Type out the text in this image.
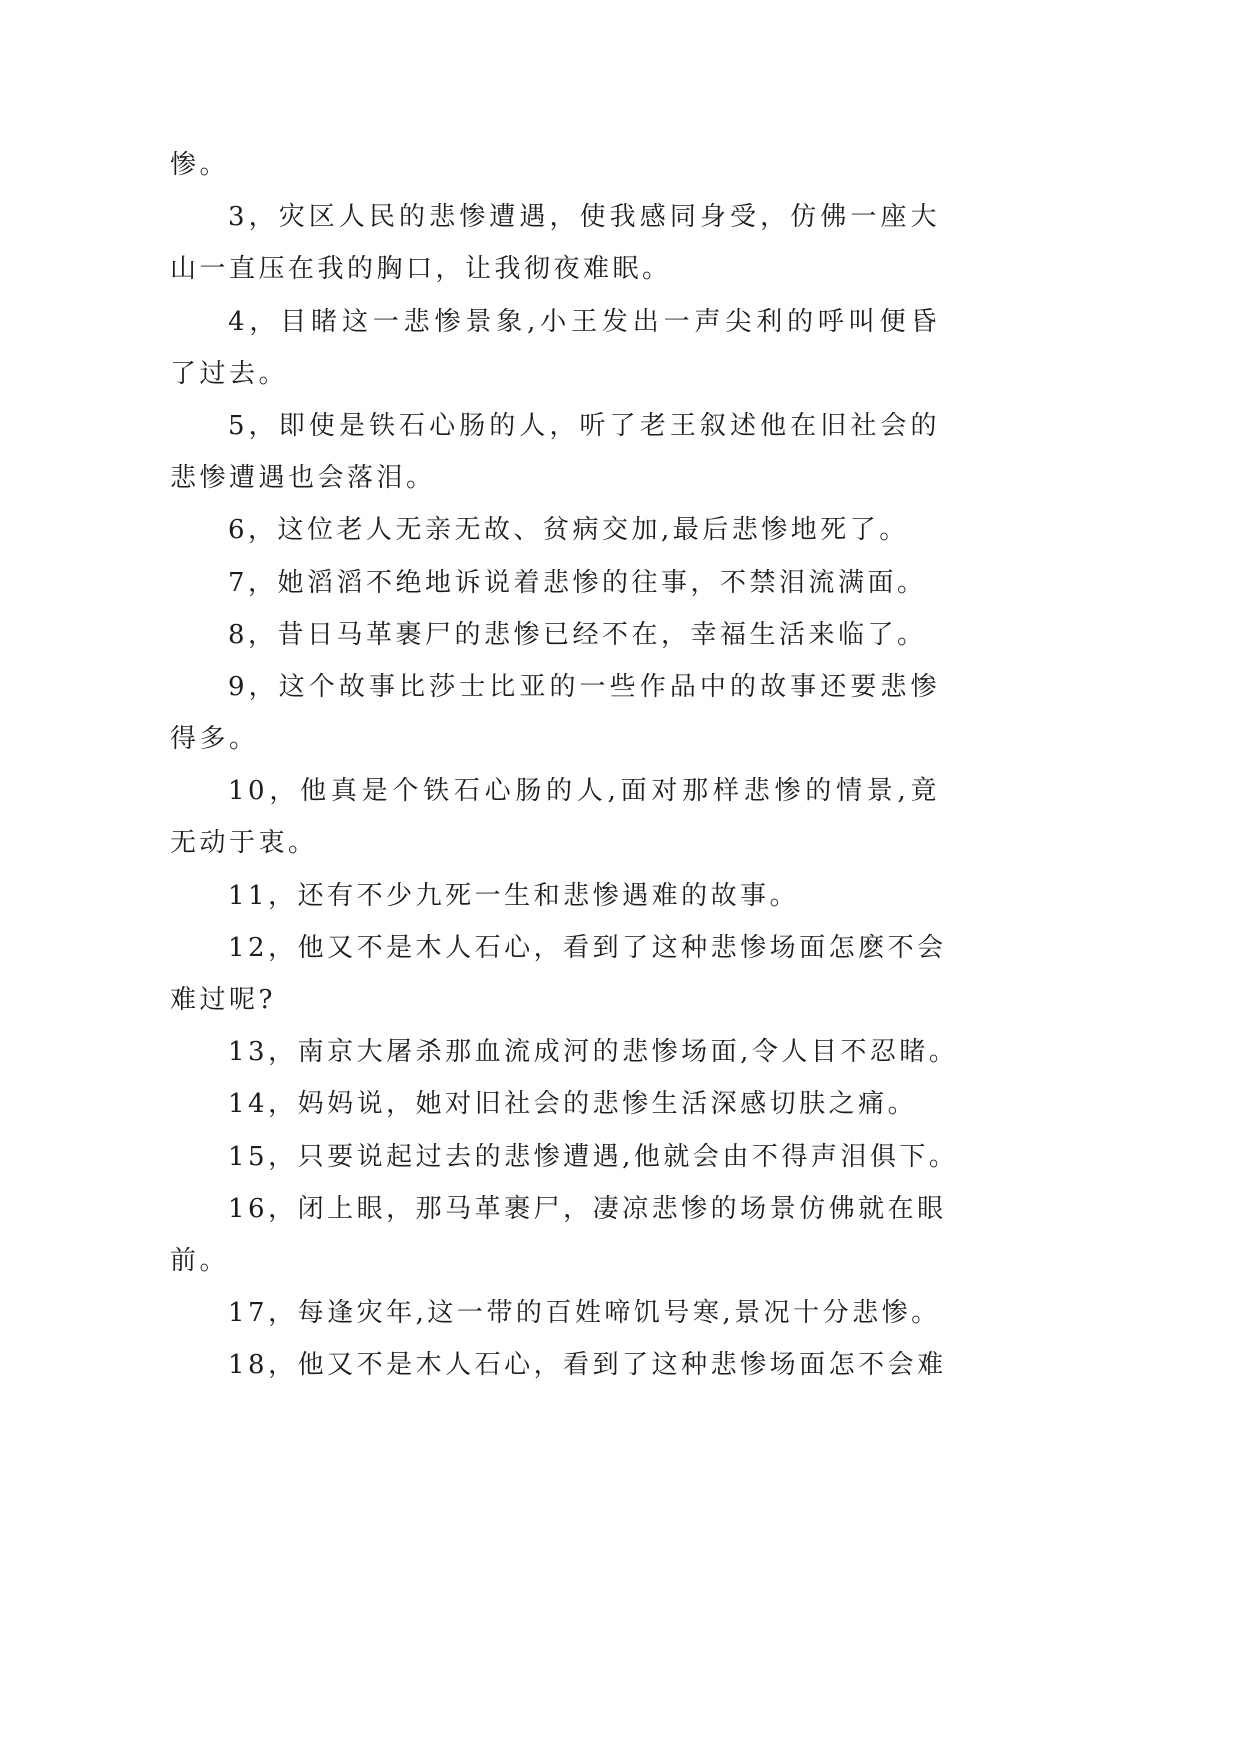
惨。
3，灾区人民的悲惨遭遇，使我感同身受，仿佛一座大
山一直压在我的胸口，让我彻夜难眠。
4，目睹这一悲惨景象,小王发出一声尖利的呼叫便昏
了过去。
5，即使是铁石心肠的人，听了老王叙述他在旧社会的
悲惨遭遇也会落泪。
6，这位老人无亲无故、贫病交加,最后悲惨地死了。
7，她滔滔不绝地诉说着悲惨的往事，不禁泪流满面。
8，昔日马革裹尸的悲惨已经不在，幸福生活来临了。
9，这个故事比莎士比亚的一些作品中的故事还要悲惨
得多。
10，他真是个铁石心肠的人,面对那样悲惨的情景,竟
无动于衷。
11，还有不少九死一生和悲惨遇难的故事。
12，他又不是木人石心，看到了这种悲惨场面怎麽不会
难过呢?
13，南京大屠杀那血流成河的悲惨场面,令人目不忍睹。
14，妈妈说，她对旧社会的悲惨生活深感切肤之痛。
15，只要说起过去的悲惨遭遇,他就会由不得声泪俱下。
16，闭上眼，那马革裹尸，凄凉悲惨的场景仿佛就在眼
前。
17，每逢灾年,这一带的百姓啼饥号寒,景况十分悲惨。
18，他又不是木人石心，看到了这种悲惨场面怎不会难
